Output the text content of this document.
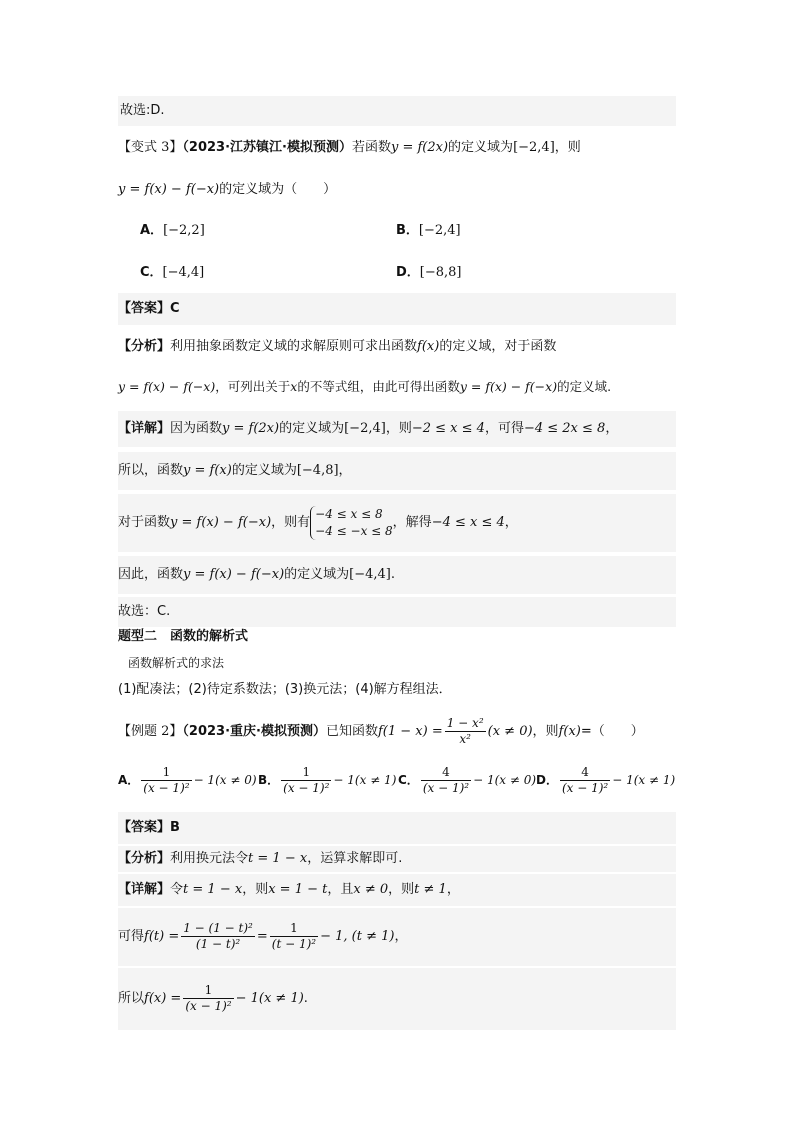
故选:D.
【变式 3】（2023·江苏镇江·模拟预测）若函数y = f(2x)的定义域为[−2,4]，则
y = f(x) − f(−x)的定义域为（　　）
A．[−2,2]	B．[−2,4]
C．[−4,4]	D．[−8,8]
【答案】C
【分析】利用抽象函数定义域的求解原则可求出函数f(x)的定义域，对于函数
y = f(x) − f(−x)，可列出关于x的不等式组，由此可得出函数y = f(x) − f(−x)的定义域.
【详解】因为函数y = f(2x)的定义域为[−2,4]，则−2 ≤ x ≤ 4，可得−4 ≤ 2x ≤ 8，
所以，函数y = f(x)的定义域为[−4,8]，
对于函数y = f(x) − f(−x)，则有
−4 ≤ x ≤ 8
−4 ≤ −x ≤ 8
，解得−4 ≤ x ≤ 4，
因此，函数y = f(x) − f(−x)的定义域为[−4,4].
故选：C.
题型二　函数的解析式
函数解析式的求法
(1)配凑法；(2)待定系数法；(3)换元法；(4)解方程组法．
【例题 2】（2023·重庆·模拟预测）已知函数$f(1 - x) = \frac{\text{1 − x²}}{\text{x²}} (x \ne 0)$，则f(x)=（　　）
A． $\frac{1}{\text{(x − 1)²}} - 1(x \ne 0)$ B． $\frac{1}{\text{(x − 1)²}} - 1(x \ne 1)$ C． $\frac{4}{\text{(x − 1)²}} - 1(x \ne 0)$ D． $\frac{4}{\text{(x − 1)²}} - 1(x \ne 1)$
【答案】B
【分析】利用换元法令t = 1 − x，运算求解即可.
【详解】令t = 1 − x，则x = 1 − t，且x ≠ 0，则t ≠ 1，
可得$f(t) = \frac{\text{1 − (1 − t)²}}{\text{(1 − t)²}} = \frac{1}{\text{(t − 1)²}} - 1$, (t ≠ 1)，
所以$f(x) = \frac{1}{\text{(x − 1)²}} - 1(x \ne 1)$.
